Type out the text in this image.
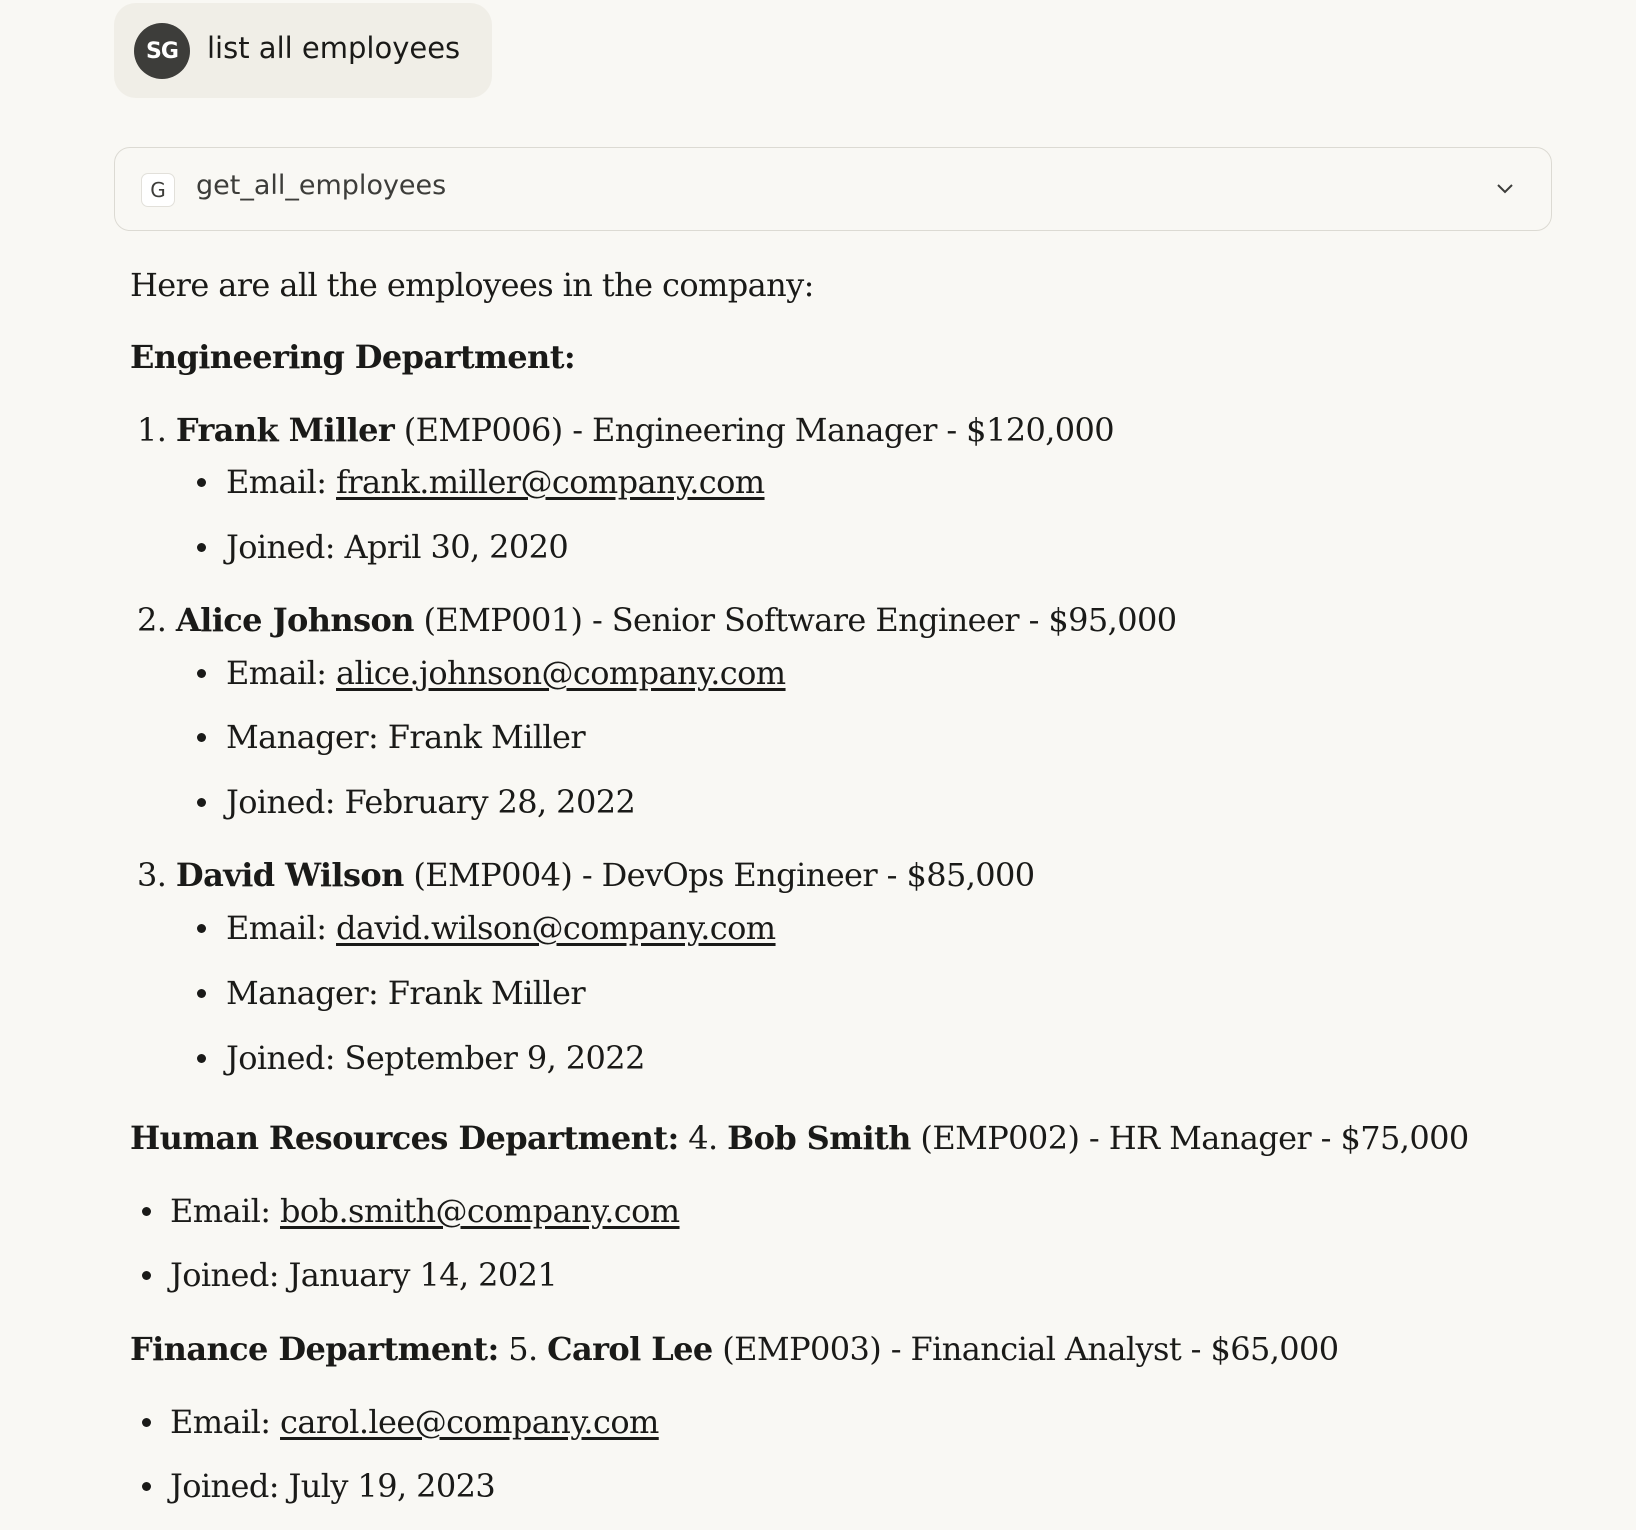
SG	list all employees
G	get_all_employees
Here are all the employees in the company:
Engineering Department:
1. Frank Miller (EMP006) - Engineering Manager - $120,000
Email: frank.miller@company.com
Joined: April 30, 2020
2. Alice Johnson (EMP001) - Senior Software Engineer - $95,000
Email: alice.johnson@company.com
Manager: Frank Miller
Joined: February 28, 2022
3. David Wilson (EMP004) - DevOps Engineer - $85,000
Email: david.wilson@company.com
Manager: Frank Miller
Joined: September 9, 2022
Human Resources Department: 4. Bob Smith (EMP002) - HR Manager - $75,000
Email: bob.smith@company.com
Joined: January 14, 2021
Finance Department: 5. Carol Lee (EMP003) - Financial Analyst - $65,000
Email: carol.lee@company.com
Joined: July 19, 2023
